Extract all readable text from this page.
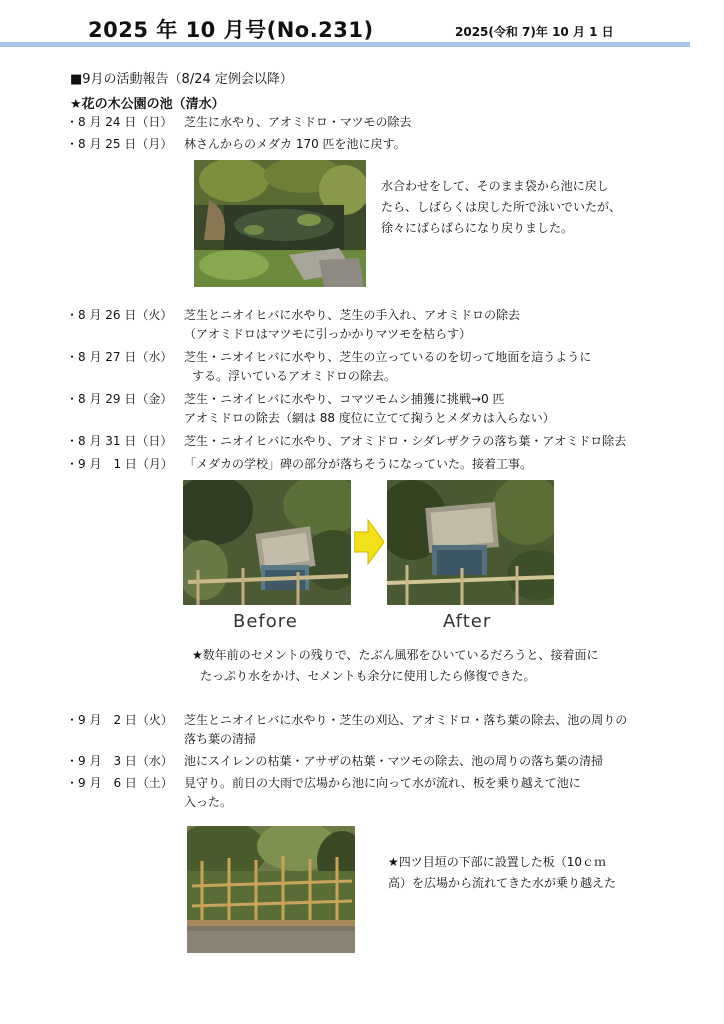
2025 年 10 月号(No.231)	2025(令和 7)年 10 月 1 日
■9月の活動報告（8/24 定例会以降）
★花の木公園の池（清水）
・8 月 24 日（日） 芝生に水やり、アオミドロ・マツモの除去
・8 月 25 日（月） 林さんからのメダカ 170 匹を池に戻す。
水合わせをして、そのまま袋から池に戻し
たら、しばらくは戻した所で泳いでいたが、
徐々にばらばらになり戻りました。
・8 月 26 日（火） 芝生とニオイヒバに水やり、芝生の手入れ、アオミドロの除去
（アオミドロはマツモに引っかかりマツモを枯らす）
・8 月 27 日（水） 芝生・ニオイヒバに水やり、芝生の立っているのを切って地面を這うように
する。浮いているアオミドロの除去。
・8 月 29 日（金） 芝生・ニオイヒバに水やり、コマツモムシ捕獲に挑戦→0 匹
アオミドロの除去（網は 88 度位に立てて掬うとメダカは入らない）
・8 月 31 日（日） 芝生・ニオイヒバに水やり、アオミドロ・シダレザクラの落ち葉・アオミドロ除去
・9 月　1 日（月） 「メダカの学校」碑の部分が落ちそうになっていた。接着工事。
Before	After
★数年前のセメントの残りで、たぶん風邪をひいているだろうと、接着面に
たっぷり水をかけ、セメントも余分に使用したら修復できた。
・9 月　2 日（火） 芝生とニオイヒバに水やり・芝生の刈込、アオミドロ・落ち葉の除去、池の周りの
落ち葉の清掃
・9 月　3 日（水） 池にスイレンの枯葉・アサザの枯葉・マツモの除去、池の周りの落ち葉の清掃
・9 月　6 日（土） 見守り。前日の大雨で広場から池に向って水が流れ、板を乗り越えて池に
入った。
★四ツ目垣の下部に設置した板（10ｃｍ
高）を広場から流れてきた水が乗り越えた
